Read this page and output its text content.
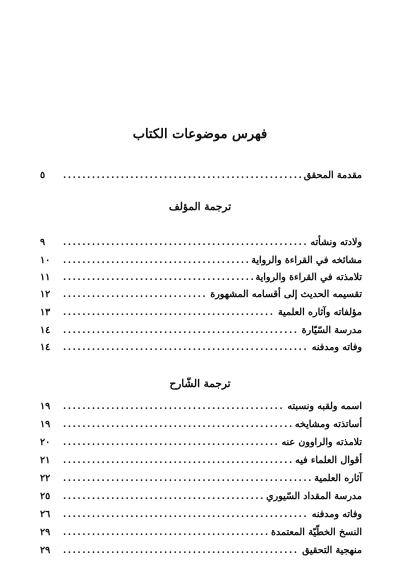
فهرس موضوعات الكتاب
٥ .....	مقدمة المحقق
ترجمة المؤلف
٩ .....	ولادته ونشأته
١٠ .....	مشائخه في القراءة والرواية
١١ .....	تلامذته في القراءة والرواية
١٢ .....	تقسيمه الحديث إلى أقسامه المشهورة
١٣ .....	مؤلفاته وآثاره العلمية
١٤ .....	مدرسة السّيّارة
١٤ .....	وفاته ومدفنه
ترجمة الشّارح
١٩ .....	اسمه ولقبه ونسبته
١٩ .....	أساتذته ومشايخه
٢٠ .....	تلامذته والراوون عنه
٢١ .....	أقوال العلماء فيه
٢٢ .....	آثاره العلمية
٢٥ .....	مدرسة المقداد السّيوري
٢٦ .....	وفاته ومدفنه
٢٩ .....	النسخ الخطّيّة المعتمدة
٢٩ .....	منهجية التحقيق
